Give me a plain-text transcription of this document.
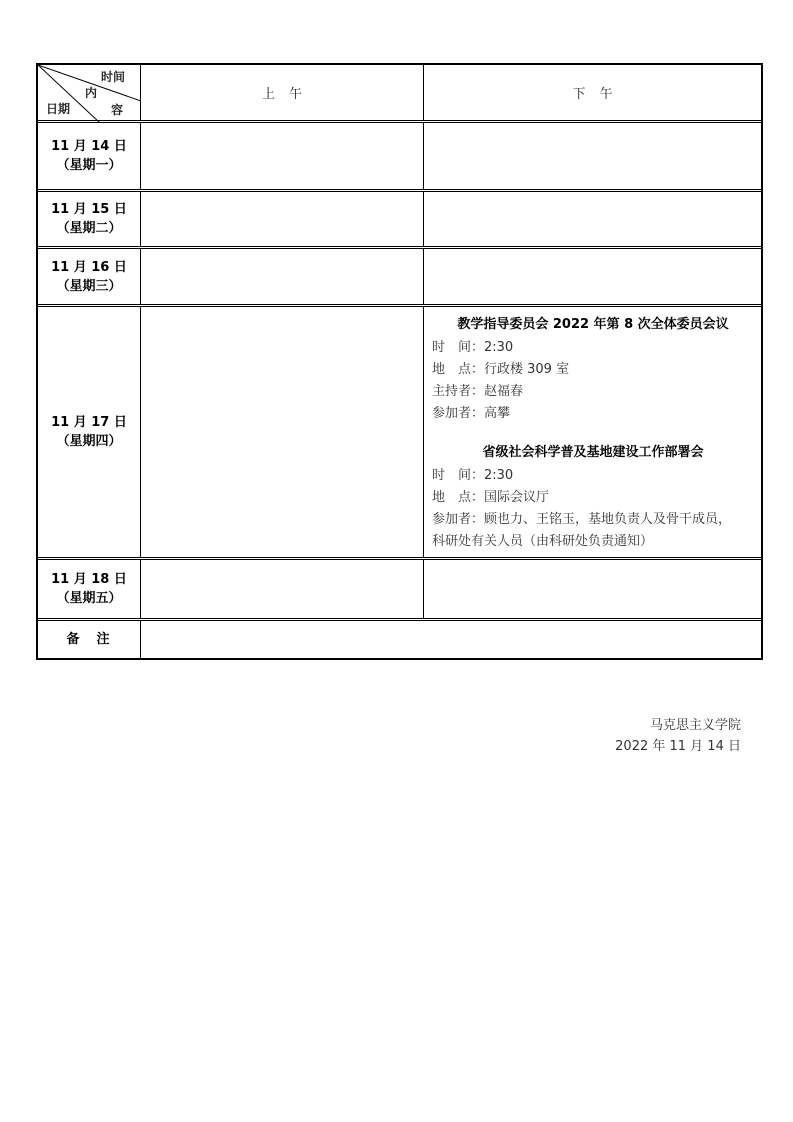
时间
内
容
日期
上午	下午
11 月 14 日
（星期一）
11 月 15 日
（星期二）
11 月 16 日
（星期三）
11 月 17 日
（星期四）
教学指导委员会 2022 年第 8 次全体委员会议
时　间：2:30
地　点：行政楼 309 室
主持者：赵福春
参加者：高攀
省级社会科学普及基地建设工作部署会
时　间：2:30
地　点：国际会议厅
参加者：顾也力、王铭玉，基地负责人及骨干成员，
科研处有关人员（由科研处负责通知）
11 月 18 日
（星期五）
备　注
马克思主义学院
2022 年 11 月 14 日
